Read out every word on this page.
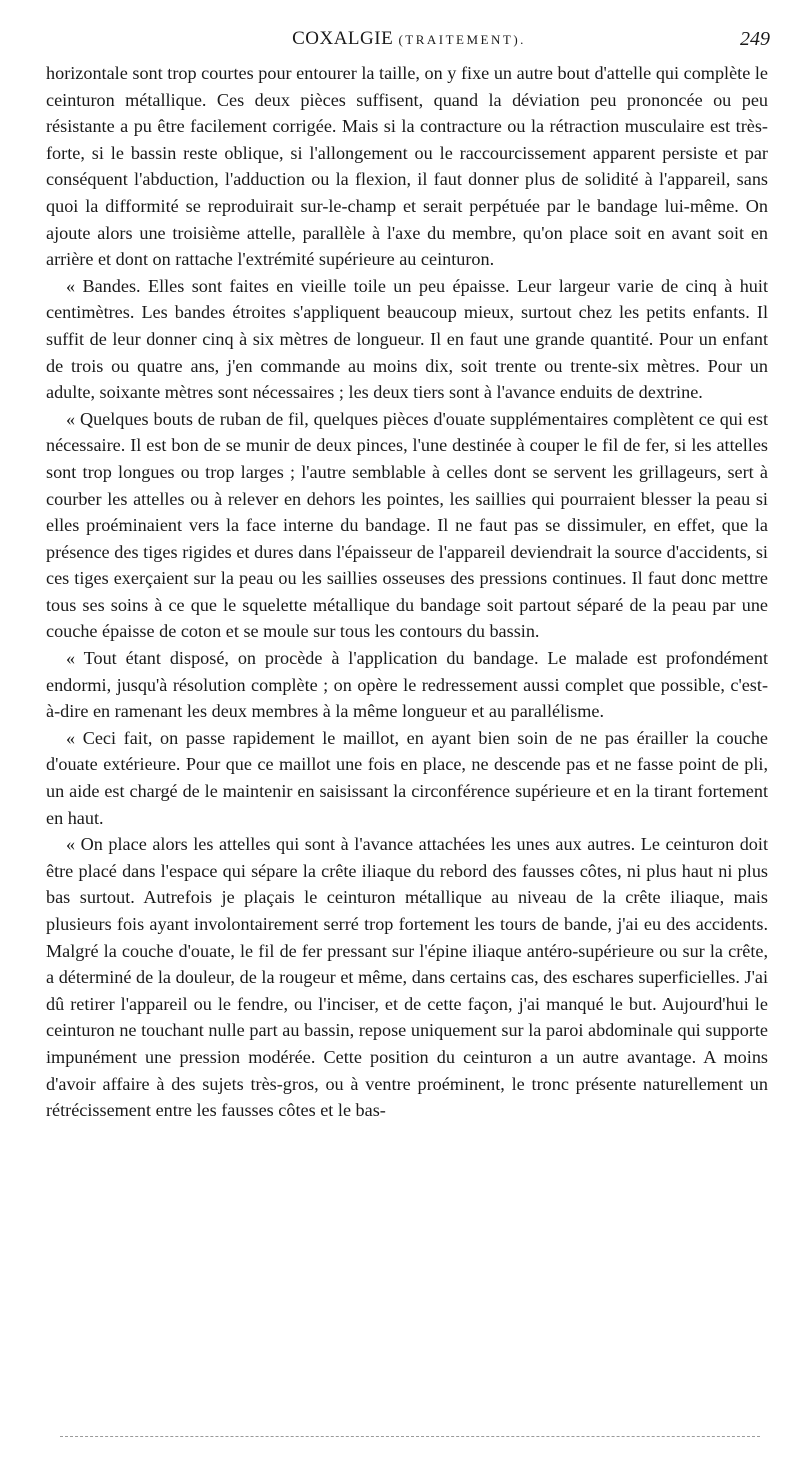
COXALGIE (TRAITEMENT).	249

horizontale sont trop courtes pour entourer la taille, on y fixe un autre bout d'attelle qui complète le ceinturon métallique. Ces deux pièces suffisent, quand la déviation peu prononcée ou peu résistante a pu être facilement corrigée. Mais si la contracture ou la rétraction musculaire est très-forte, si le bassin reste oblique, si l'allongement ou le raccourcissement apparent persiste et par conséquent l'abduction, l'adduction ou la flexion, il faut donner plus de solidité à l'appareil, sans quoi la difformité se reproduirait sur-le-champ et serait perpétuée par le bandage lui-même. On ajoute alors une troisième attelle, parallèle à l'axe du membre, qu'on place soit en avant soit en arrière et dont on rattache l'extrémité supérieure au ceinturon.

« Bandes. Elles sont faites en vieille toile un peu épaisse. Leur largeur varie de cinq à huit centimètres. Les bandes étroites s'appliquent beaucoup mieux, surtout chez les petits enfants. Il suffit de leur donner cinq à six mètres de longueur. Il en faut une grande quantité. Pour un enfant de trois ou quatre ans, j'en commande au moins dix, soit trente ou trente-six mètres. Pour un adulte, soixante mètres sont nécessaires ; les deux tiers sont à l'avance enduits de dextrine.

« Quelques bouts de ruban de fil, quelques pièces d'ouate supplémentaires complètent ce qui est nécessaire. Il est bon de se munir de deux pinces, l'une destinée à couper le fil de fer, si les attelles sont trop longues ou trop larges ; l'autre semblable à celles dont se servent les grillageurs, sert à courber les attelles ou à relever en dehors les pointes, les saillies qui pourraient blesser la peau si elles proéminaient vers la face interne du bandage. Il ne faut pas se dissimuler, en effet, que la présence des tiges rigides et dures dans l'épaisseur de l'appareil deviendrait la source d'accidents, si ces tiges exerçaient sur la peau ou les saillies osseuses des pressions continues. Il faut donc mettre tous ses soins à ce que le squelette métallique du bandage soit partout séparé de la peau par une couche épaisse de coton et se moule sur tous les contours du bassin.

« Tout étant disposé, on procède à l'application du bandage. Le malade est profondément endormi, jusqu'à résolution complète ; on opère le redressement aussi complet que possible, c'est-à-dire en ramenant les deux membres à la même longueur et au parallélisme.

« Ceci fait, on passe rapidement le maillot, en ayant bien soin de ne pas érailler la couche d'ouate extérieure. Pour que ce maillot une fois en place, ne descende pas et ne fasse point de pli, un aide est chargé de le maintenir en saisissant la circonférence supérieure et en la tirant fortement en haut.

« On place alors les attelles qui sont à l'avance attachées les unes aux autres. Le ceinturon doit être placé dans l'espace qui sépare la crête iliaque du rebord des fausses côtes, ni plus haut ni plus bas surtout. Autrefois je plaçais le ceinturon métallique au niveau de la crête iliaque, mais plusieurs fois ayant involontairement serré trop fortement les tours de bande, j'ai eu des accidents. Malgré la couche d'ouate, le fil de fer pressant sur l'épine iliaque antéro-supérieure ou sur la crête, a déterminé de la douleur, de la rougeur et même, dans certains cas, des eschares superficielles. J'ai dû retirer l'appareil ou le fendre, ou l'inciser, et de cette façon, j'ai manqué le but. Aujourd'hui le ceinturon ne touchant nulle part au bassin, repose uniquement sur la paroi abdominale qui supporte impunément une pression modérée. Cette position du ceinturon a un autre avantage. A moins d'avoir affaire à des sujets très-gros, ou à ventre proéminent, le tronc présente naturellement un rétrécissement entre les fausses côtes et le bas-
